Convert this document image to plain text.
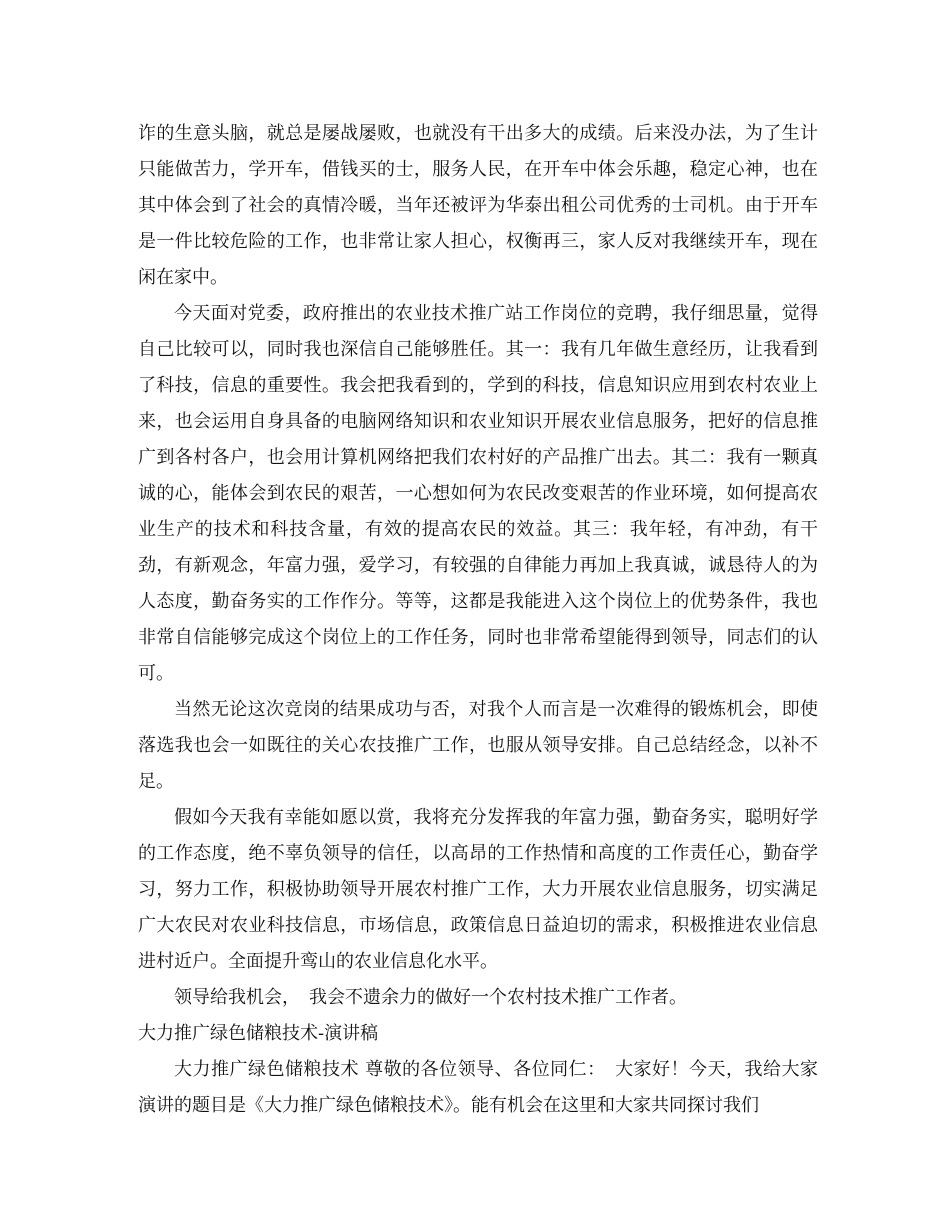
诈的生意头脑，就总是屡战屡败，也就没有干出多大的成绩。后来没办法，为了生计只能做苦力，学开车，借钱买的士，服务人民，在开车中体会乐趣，稳定心神，也在其中体会到了社会的真情冷暖，当年还被评为华泰出租公司优秀的士司机。由于开车是一件比较危险的工作，也非常让家人担心，权衡再三，家人反对我继续开车，现在闲在家中。

今天面对党委，政府推出的农业技术推广站工作岗位的竞聘，我仔细思量，觉得自己比较可以，同时我也深信自己能够胜任。其一：我有几年做生意经历，让我看到了科技，信息的重要性。我会把我看到的，学到的科技，信息知识应用到农村农业上来，也会运用自身具备的电脑网络知识和农业知识开展农业信息服务，把好的信息推广到各村各户，也会用计算机网络把我们农村好的产品推广出去。其二：我有一颗真诚的心，能体会到农民的艰苦，一心想如何为农民改变艰苦的作业环境，如何提高农业生产的技术和科技含量，有效的提高农民的效益。其三：我年轻，有冲劲，有干劲，有新观念，年富力强，爱学习，有较强的自律能力再加上我真诚，诚恳待人的为人态度，勤奋务实的工作作分。等等，这都是我能进入这个岗位上的优势条件，我也非常自信能够完成这个岗位上的工作任务，同时也非常希望能得到领导，同志们的认可。

当然无论这次竞岗的结果成功与否，对我个人而言是一次难得的锻炼机会，即使落选我也会一如既往的关心农技推广工作，也服从领导安排。自己总结经念，以补不足。

假如今天我有幸能如愿以赏，我将充分发挥我的年富力强，勤奋务实，聪明好学的工作态度，绝不辜负领导的信任，以高昂的工作热情和高度的工作责任心，勤奋学习，努力工作，积极协助领导开展农村推广工作，大力开展农业信息服务，切实满足广大农民对农业科技信息，市场信息，政策信息日益迫切的需求，积极推进农业信息进村近户。全面提升鸾山的农业信息化水平。

领导给我机会，　我会不遗余力的做好一个农村技术推广工作者。

大力推广绿色储粮技术-演讲稿

大力推广绿色储粮技术 尊敬的各位领导、各位同仁：　大家好！今天，我给大家演讲的题目是《大力推广绿色储粮技术》。能有机会在这里和大家共同探讨我们
